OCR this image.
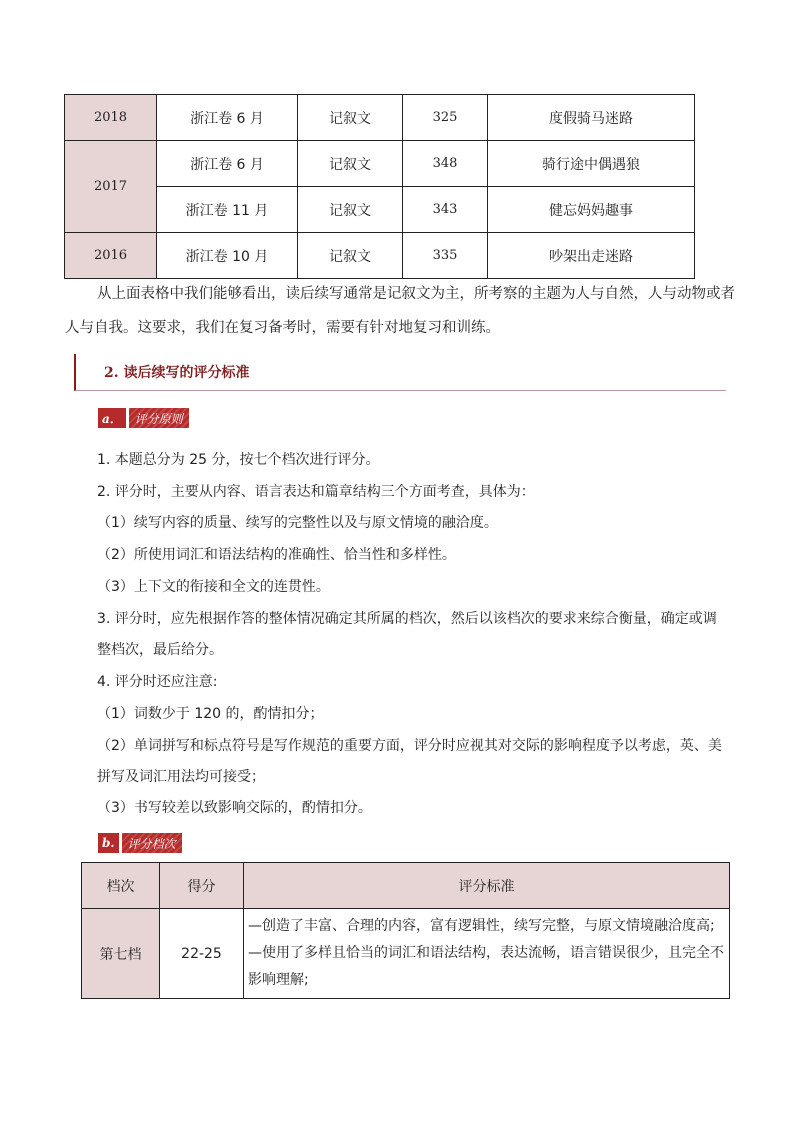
2018	浙江卷 6 月	记叙文	325	度假骑马迷路
2017	浙江卷 6 月	记叙文	348	骑行途中偶遇狼
	浙江卷 11 月	记叙文	343	健忘妈妈趣事
2016	浙江卷 10 月	记叙文	335	吵架出走迷路
从上面表格中我们能够看出，读后续写通常是记叙文为主，所考察的主题为人与自然，人与动物或者
人与自我。这要求，我们在复习备考时，需要有针对地复习和训练。
2. 读后续写的评分标准
a．	评分原则
1. 本题总分为 25 分，按七个档次进行评分。
2. 评分时，主要从内容、语言表达和篇章结构三个方面考查，具体为：
（1）续写内容的质量、续写的完整性以及与原文情境的融洽度。
（2）所使用词汇和语法结构的准确性、恰当性和多样性。
（3）上下文的衔接和全文的连贯性。
3. 评分时，应先根据作答的整体情况确定其所属的档次，然后以该档次的要求来综合衡量，确定或调
整档次，最后给分。
4. 评分时还应注意:
（1）词数少于 120 的，酌情扣分；
（2）单词拼写和标点符号是写作规范的重要方面，评分时应视其对交际的影响程度予以考虑，英、美
拼写及词汇用法均可接受；
（3）书写较差以致影响交际的，酌情扣分。
b.	评分档次
档次	得分	评分标准
第七档	22-25	—创造了丰富、合理的内容，富有逻辑性，续写完整，与原文情境融洽度高;
—使用了多样且恰当的词汇和语法结构，表达流畅，语言错误很少，且完全不
影响理解;
